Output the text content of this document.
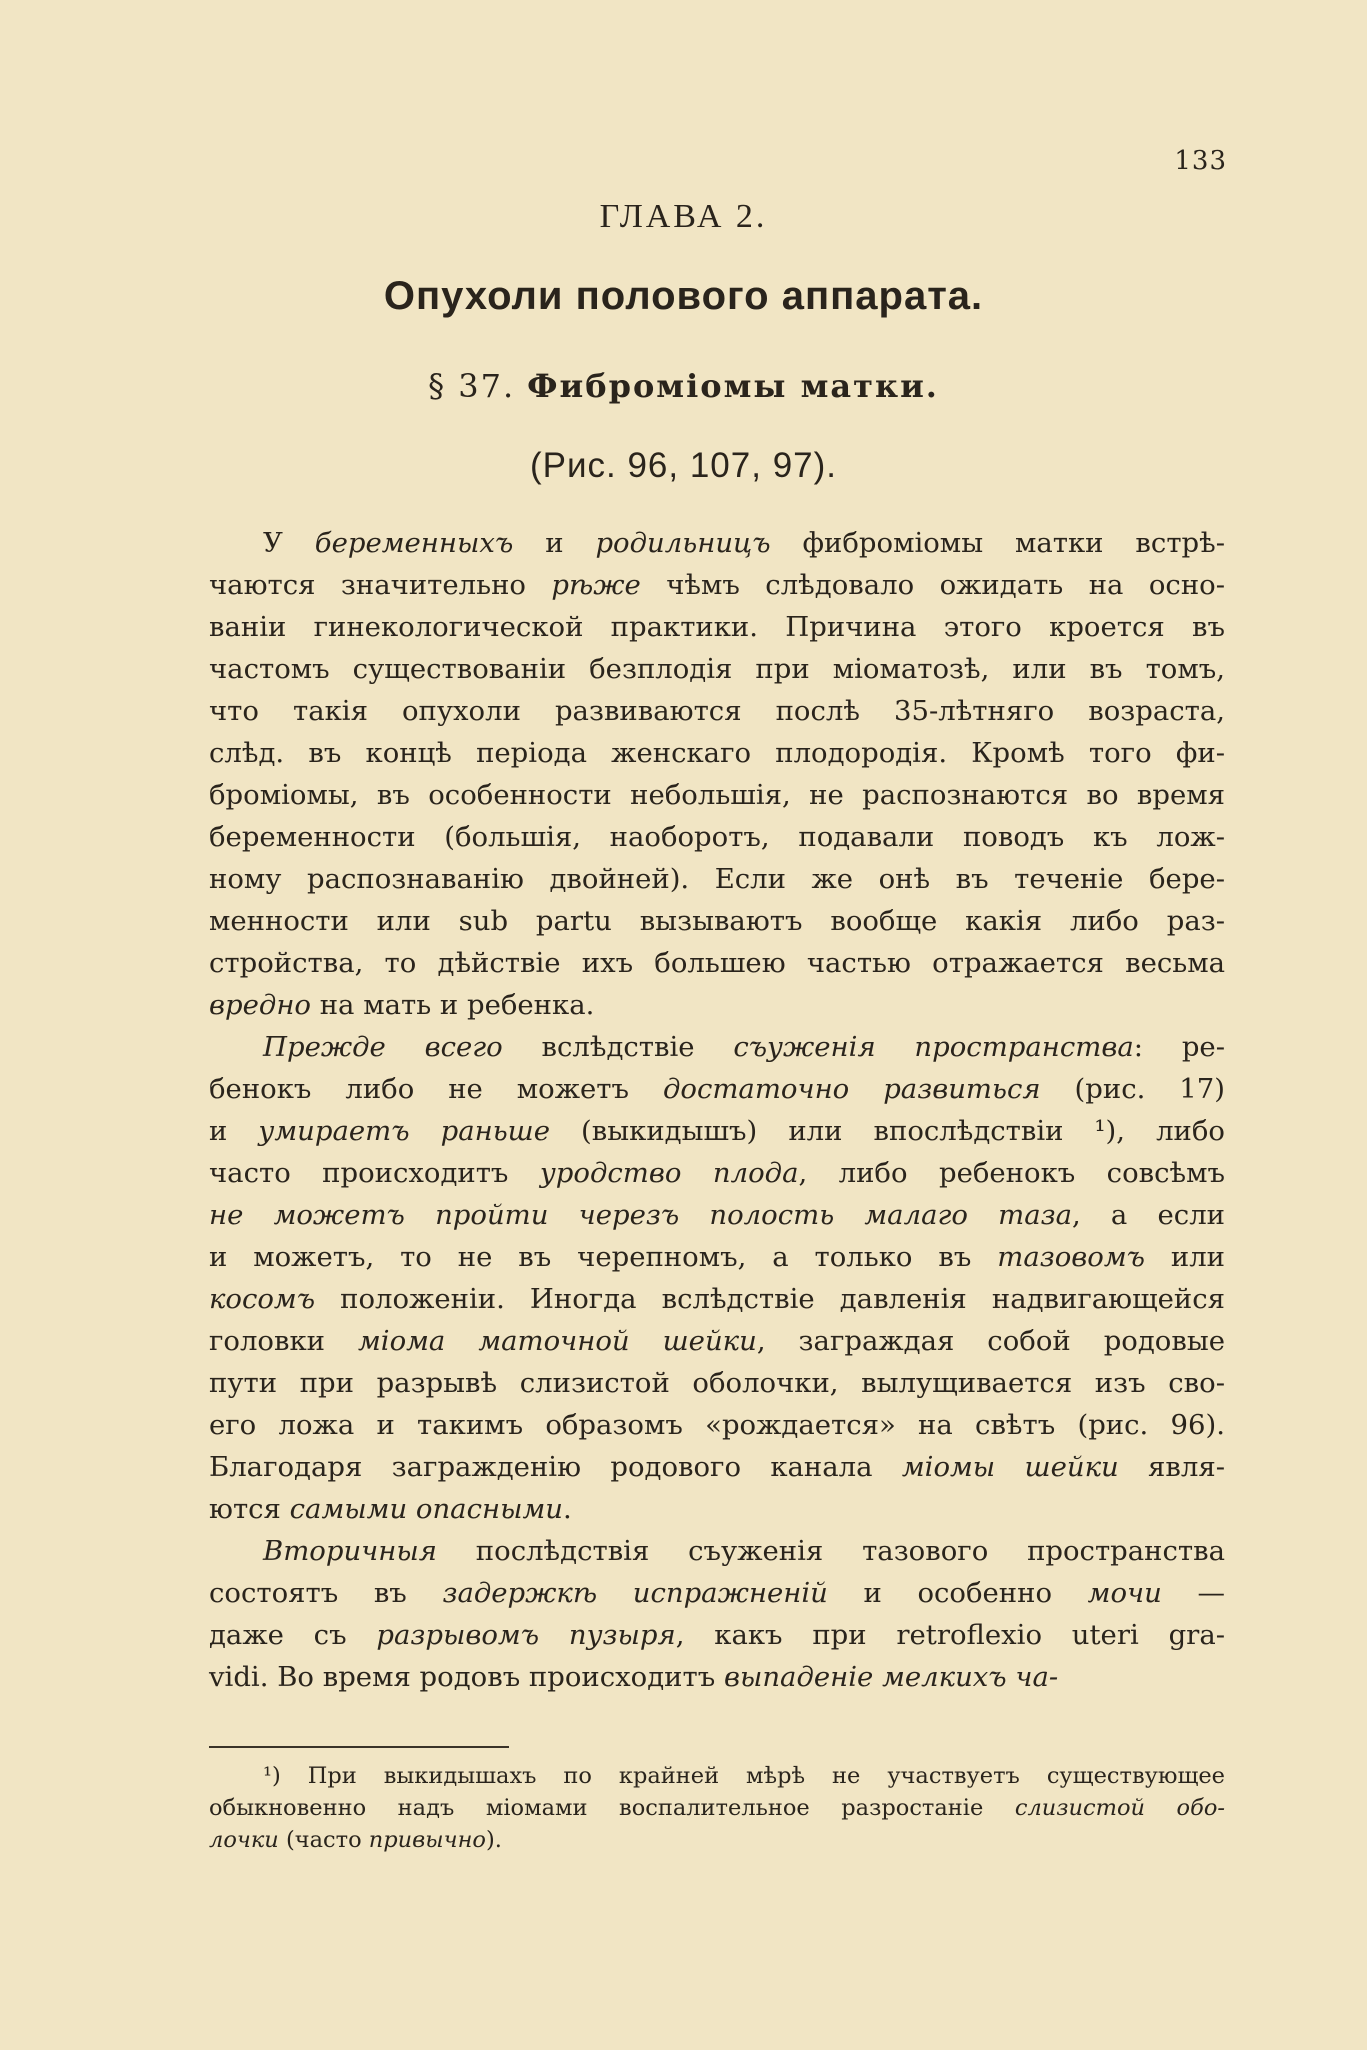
133
ГЛАВА 2.
Опухоли полового аппарата.
§ 37. Фиброміомы матки.
(Рис. 96, 107, 97).
У беременныхъ и родильницъ фиброміомы матки встрѣ-
чаются значительно рѣже чѣмъ слѣдовало ожидать на осно-
ваніи гинекологической практики. Причина этого кроется въ
частомъ существованіи безплодія при міоматозѣ, или въ томъ,
что такія опухоли развиваются послѣ 35-лѣтняго возраста,
слѣд. въ концѣ періода женскаго плодородія. Кромѣ того фи-
броміомы, въ особенности небольшія, не распознаются во время
беременности (большія, наоборотъ, подавали поводъ къ лож-
ному распознаванію двойней). Если же онѣ въ теченіе бере-
менности или sub partu вызываютъ вообще какія либо раз-
стройства, то дѣйствіе ихъ большею частью отражается весьма
вредно на мать и ребенка.
Прежде всего вслѣдствіе съуженія пространства: ре-
бенокъ либо не можетъ достаточно развиться (рис. 17)
и умираетъ раньше (выкидышъ) или впослѣдствіи ¹), либо
часто происходитъ уродство плода, либо ребенокъ совсѣмъ
не можетъ пройти черезъ полость малаго таза, а если
и можетъ, то не въ черепномъ, а только въ тазовомъ или
косомъ положеніи. Иногда вслѣдствіе давленія надвигающейся
головки міома маточной шейки, заграждая собой родовые
пути при разрывѣ слизистой оболочки, вылущивается изъ сво-
его ложа и такимъ образомъ «рождается» на свѣтъ (рис. 96).
Благодаря загражденію родового канала міомы шейки явля-
ются самыми опасными.
Вторичныя послѣдствія съуженія тазового пространства
состоятъ въ задержкѣ испражненій и особенно мочи —
даже съ разрывомъ пузыря, какъ при retroflexio uteri gra-
vidi. Во время родовъ происходитъ выпаденіе мелкихъ ча-
¹) При выкидышахъ по крайней мѣрѣ не участвуетъ существующее
обыкновенно надъ міомами воспалительное разростаніе слизистой обо-
лочки (часто привычно).
